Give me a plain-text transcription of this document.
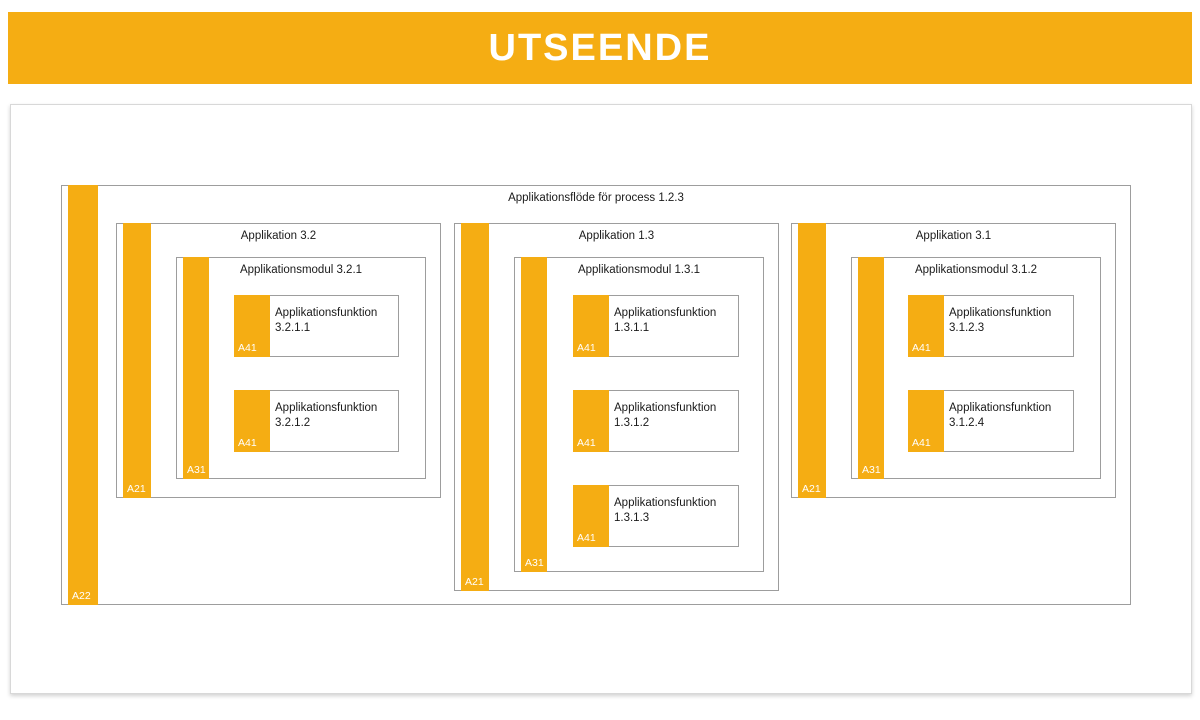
UTSEENDE
Applikationsflöde för process 1.2.3
A22
Applikation 3.2
A21
Applikationsmodul 3.2.1
A31
A41
Applikationsfunktion 3.2.1.1
A41
Applikationsfunktion 3.2.1.2
Applikation 1.3
A21
Applikationsmodul 1.3.1
A31
A41
Applikationsfunktion 1.3.1.1
A41
Applikationsfunktion 1.3.1.2
A41
Applikationsfunktion 1.3.1.3
Applikation 3.1
A21
Applikationsmodul 3.1.2
A31
A41
Applikationsfunktion 3.1.2.3
A41
Applikationsfunktion 3.1.2.4
